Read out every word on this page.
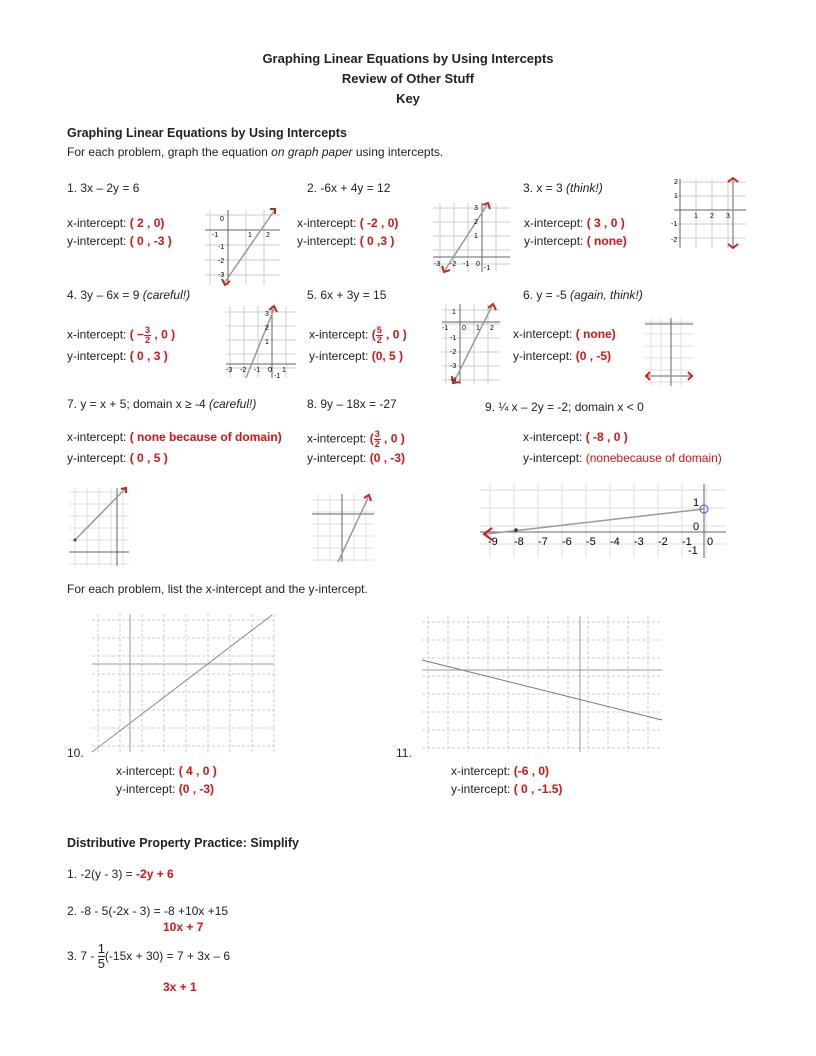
Graphing Linear Equations by Using Intercepts
Review of Other Stuff
Key
Graphing Linear Equations by Using Intercepts
For each problem, graph the equation on graph paper using intercepts.
1. 3x – 2y = 6
x-intercept: ( 2 , 0)
y-intercept: ( 0 , -3 )
2. -6x + 4y = 12
x-intercept: ( -2 , 0)
y-intercept: ( 0 ,3 )
3. x = 3 (think!)
x-intercept: ( 3 , 0 )
y-intercept: ( none)
-1	1 2
0
-1
-2
-3
-3 -2 -1 0
3
2
1
-1
2
1
-1
-2
1 2 3
4. 3y – 6x = 9 (careful!)
x-intercept: ( − $\frac{3}{2}$ , 0 )
y-intercept: ( 0 , 3 )
5. 6x + 3y = 15
x-intercept: ( $\frac{5}{2}$ , 0 )
y-intercept: (0, 5 )
6. y = -5 (again, think!)
x-intercept: ( none)
y-intercept: (0 , -5)
-3 -2 -1 0 1
3
2
1
-1
-1 0 1 2
1
-1
-2
-3
-4
7. y = x + 5; domain x ≥ -4 (careful!)
x-intercept: ( none because of domain)
y-intercept: ( 0 , 5 )
8. 9y – 18x = -27
x-intercept: ( $\frac{3}{2}$ , 0 )
y-intercept: (0 , -3)
9. ¼ x – 2y = -2; domain x < 0
x-intercept: ( -8 , 0 )
y-intercept: (nonebecause of domain)
-9 -8 -7 -6 -5 -4 -3 -2 -1 0
1
0
-1
For each problem, list the x-intercept and the y-intercept.
10.
x-intercept: ( 4 , 0 )
y-intercept: (0 , -3)
11.
x-intercept: (-6 , 0)
y-intercept: ( 0 , -1.5)
Distributive Property Practice: Simplify
1. -2(y - 3) = -2y + 6
2. -8 - 5(-2x - 3) = -8 +10x +15
10x + 7
3. $7 - \frac{1}{5} (-15x + 30) = 7 + 3x - 6$
3x + 1
